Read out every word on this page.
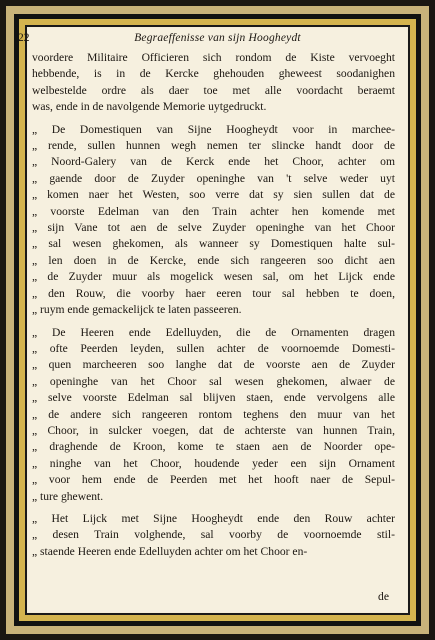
22	Begraeffenisse van sijn Hoogheydt
voordere Militaire Officieren sich rondom de Kiste vervoeght
hebbende, is in de Kercke ghehouden gheweest soodanighen
welbestelde ordre als daer toe met alle voordacht beraemt
was, ende in de navolgende Memorie uytgedruckt.
„ De Domestiquen van Sijne Hoogheydt voor in marchee-
„ rende, sullen hunnen wegh nemen ter slincke handt door de
„ Noord-Galery van de Kerck ende het Choor, achter om
„ gaende door de Zuyder openinghe van 't selve weder uyt
„ komen naer het Westen, soo verre dat sy sien sullen dat de
„ voorste Edelman van den Train achter hen komende met
„ sijn Vane tot aen de selve Zuyder openinghe van het Choor
„ sal wesen ghekomen, als wanneer sy Domestiquen halte sul-
„ len doen in de Kercke, ende sich rangeeren soo dicht aen
„ de Zuyder muur als mogelick wesen sal, om het Lijck ende
„ den Rouw, die voorby haer eeren tour sal hebben te doen,
„ ruym ende gemackelijck te laten passeeren.
„ De Heeren ende Edelluyden, die de Ornamenten dragen
„ ofte Peerden leyden, sullen achter de voornoemde Domesti-
„ quen marcheeren soo langhe dat de voorste aen de Zuyder
„ openinghe van het Choor sal wesen ghekomen, alwaer de
„ selve voorste Edelman sal blijven staen, ende vervolgens alle
„ de andere sich rangeeren rontom teghens den muur van het
„ Choor, in sulcker voegen, dat de achterste van hunnen Train,
„ draghende de Kroon, kome te staen aen de Noorder ope-
„ ninghe van het Choor, houdende yeder een sijn Ornament
„ voor hem ende de Peerden met het hooft naer de Sepul-
„ ture ghewent.
„ Het Lijck met Sijne Hoogheydt ende den Rouw achter
„ desen Train volghende, sal voorby de voornoemde stil-
„ staende Heeren ende Edelluyden achter om het Choor en-
de
